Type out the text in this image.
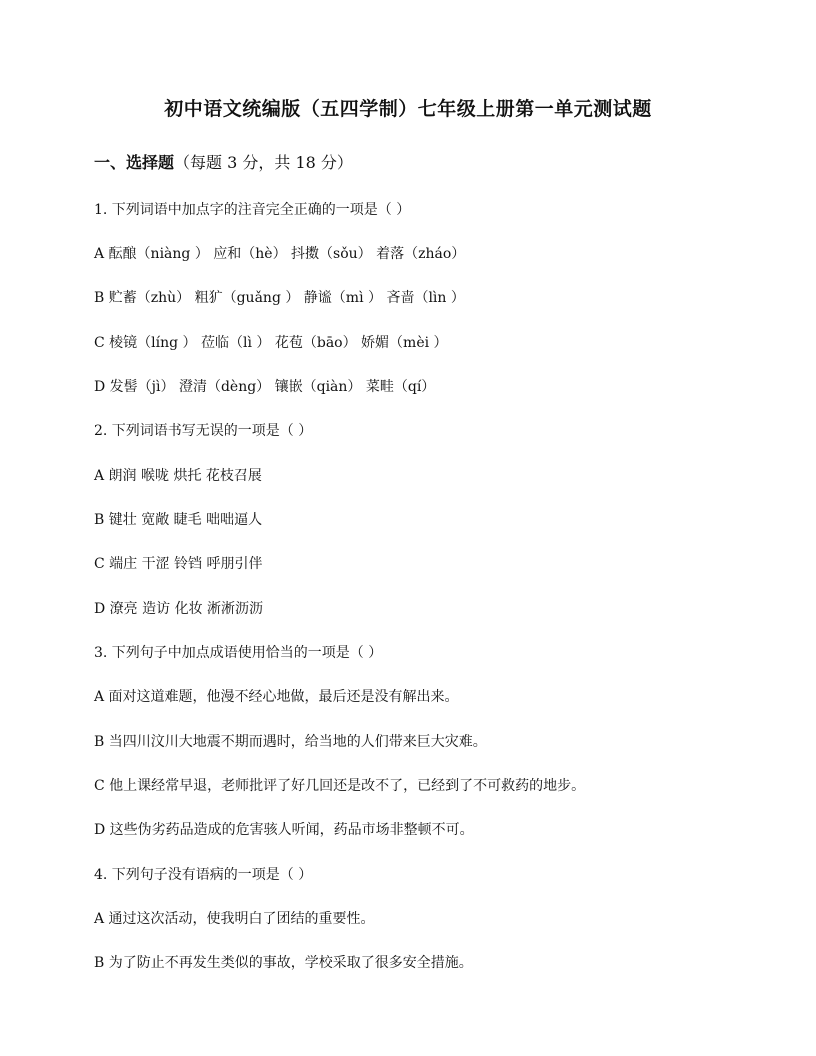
初中语文统编版（五四学制）七年级上册第一单元测试题
一、选择题（每题 3 分，共 18 分）
1. 下列词语中加点字的注音完全正确的一项是（ ）
A 酝酿（niàng ） 应和（hè） 抖擞（sǒu） 着落（zháo）
B 贮蓄（zhù） 粗犷（guǎng ） 静谧（mì ） 吝啬（lìn ）
C 棱镜（líng ） 莅临（lì ） 花苞（bāo） 娇媚（mèi ）
D 发髻（jì） 澄清（dèng） 镶嵌（qiàn） 菜畦（qí）
2. 下列词语书写无误的一项是（ ）
A 朗润 喉咙 烘托 花枝召展
B 键壮 宽敞 睫毛 咄咄逼人
C 端庄 干涩 铃铛 呼朋引伴
D 潦亮 造访 化妆 淅淅沥沥
3. 下列句子中加点成语使用恰当的一项是（ ）
A 面对这道难题，他漫不经心地做，最后还是没有解出来。
B 当四川汶川大地震不期而遇时，给当地的人们带来巨大灾难。
C 他上课经常早退，老师批评了好几回还是改不了，已经到了不可救药的地步。
D 这些伪劣药品造成的危害骇人听闻，药品市场非整顿不可。
4. 下列句子没有语病的一项是（ ）
A 通过这次活动，使我明白了团结的重要性。
B 为了防止不再发生类似的事故，学校采取了很多安全措施。
